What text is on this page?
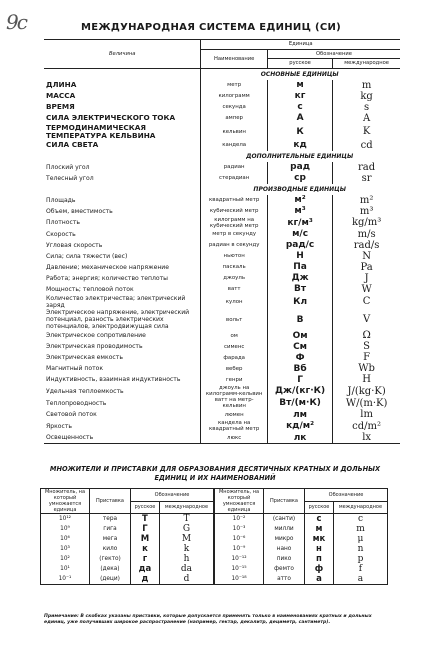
9c	МЕЖДУНАРОДНАЯ СИСТЕМА ЕДИНИЦ (СИ)
Величина	Единица		
	Наименование	Обозначение	
		русское	международное
	ОСНОВНЫЕ ЕДИНИЦЫ		
ДЛИНА	метр	м	m
МАССА	килограмм	кг	kg
ВРЕМЯ	секунда	с	s
СИЛА ЭЛЕКТРИЧЕСКОГО ТОКА	ампер	А	A
ТЕРМОДИНАМИЧЕСКАЯ ТЕМПЕРАТУРА КЕЛЬВИНА	кельвин	К	K
СИЛА СВЕТА	кандела	кд	cd
	ДОПОЛНИТЕЛЬНЫЕ ЕДИНИЦЫ		
Плоский угол	радиан	рад	rad
Телесный угол	стерадиан	ср	sr
	ПРОИЗВОДНЫЕ ЕДИНИЦЫ		
Площадь	квадратный метр	м²	m²
Объем, вместимость	кубический метр	м³	m³
Плотность	килограмм на кубический метр	кг/м³	kg/m³
Скорость	метр в секунду	м/с	m/s
Угловая скорость	радиан в секунду	рад/с	rad/s
Сила; сила тяжести (вес)	ньютон	Н	N
Давление; механическое напряжение	паскаль	Па	Pa
Работа; энергия; количество теплоты	джоуль	Дж	J
Мощность; тепловой поток	ватт	Вт	W
Количество электричества; электрический заряд	кулон	Кл	C
Электрическое напряжение, электрический потенциал, разность электрических потенциалов, электродвижущая сила	вольт	В	V
Электрическое сопротивление	ом	Ом	Ω
Электрическая проводимость	сименс	См	S
Электрическая емкость	фарада	Ф	F
Магнитный поток	вебер	Вб	Wb
Индуктивность, взаимная индуктивность	генри	Г	H
Удельная теплоемкость	джоуль на килограмм-кельвин	Дж/(кг·К)	J/(kg·K)
Теплопроводность	ватт на метр-кельвин	Вт/(м·К)	W/(m·K)
Световой поток	люмен	лм	lm
Яркость	кандела на квадратный метр	кд/м²	cd/m²
Освещенность	люкс	лк	lx
МНОЖИТЕЛИ И ПРИСТАВКИ ДЛЯ ОБРАЗОВАНИЯ ДЕСЯТИЧНЫХ КРАТНЫХ И ДОЛЬНЫХ ЕДИНИЦ И ИХ НАИМЕНОВАНИЙ
Множитель, на который умножается единица	Приставка	Обозначение		Множитель, на который умножается единица	Приставка	Обозначение	
		русское	международное			русское	международное
10¹²	тера	Т	T	10⁻²	(санти)	с	c
10⁹	гига	Г	G	10⁻³	милли	м	m
10⁶	мега	М	M	10⁻⁶	микро	мк	μ
10³	кило	к	k	10⁻⁹	нано	н	n
10²	(гекто)	г	h	10⁻¹²	пико	п	p
10¹	(дека)	да	da	10⁻¹⁵	фемто	ф	f
10⁻¹	(деци)	д	d	10⁻¹⁸	атто	а	a
Примечание: В скобках указаны приставки, которые допускается применять только в наименованиях кратных и дольных единиц, уже получивших широкое распространение (например, гектар, декалитр, дециметр, сантиметр).
